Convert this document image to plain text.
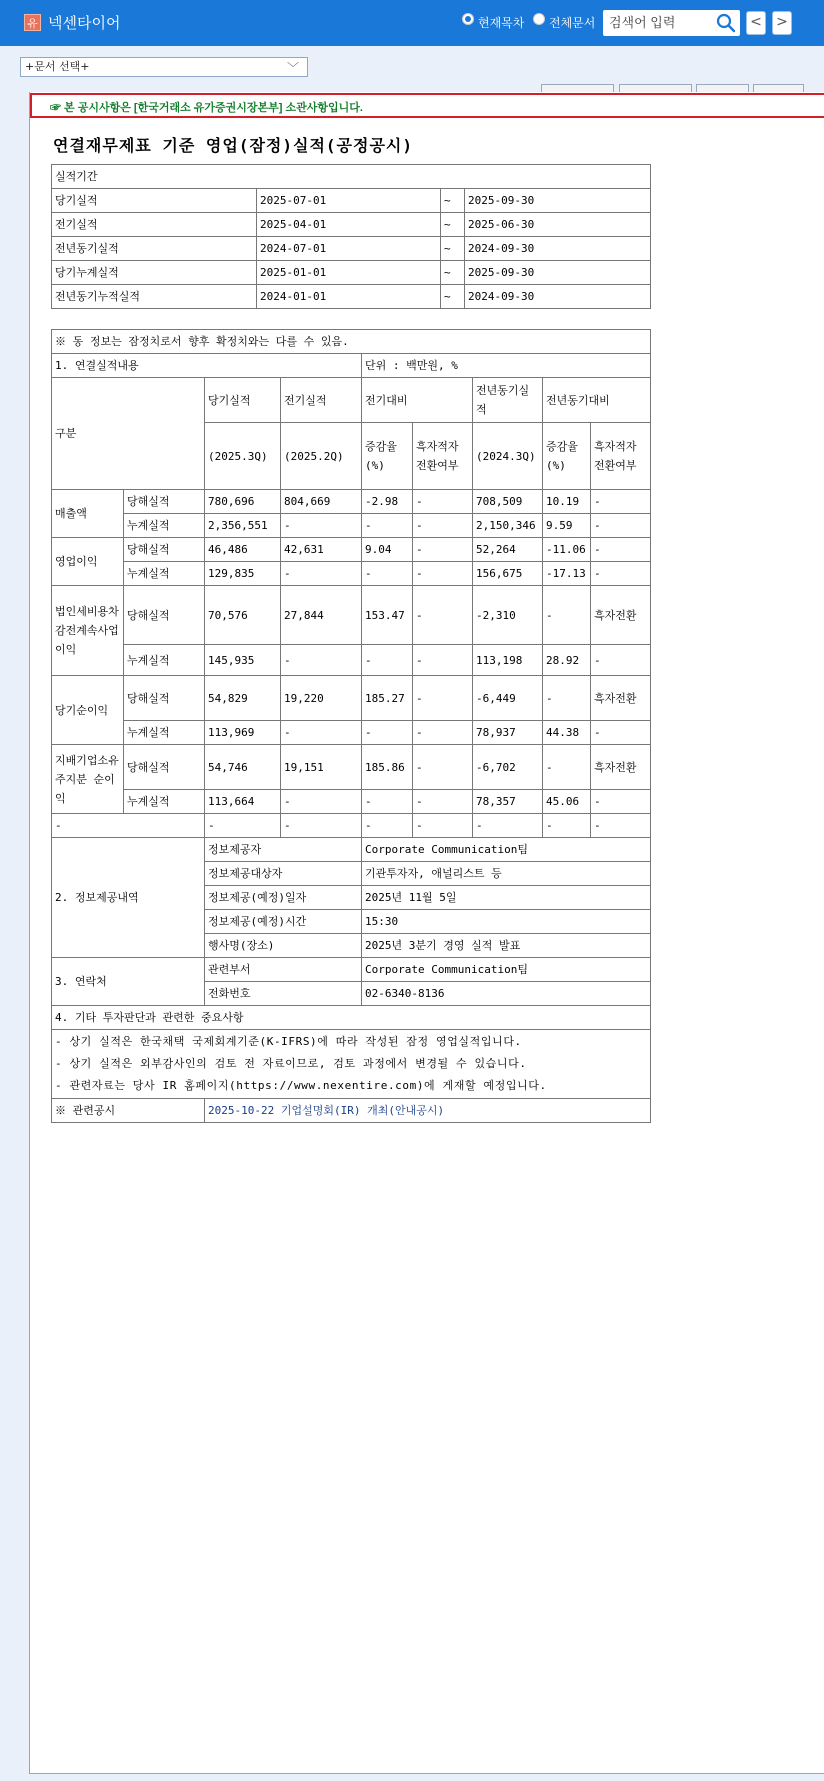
유 넥센타이어	현재목차 전체문서
검색어 입력	< >
+문서 선택+	﹀
☞ 본 공시사항은 [한국거래소 유가증권시장본부] 소관사항입니다.
연결재무제표 기준 영업(잠정)실적(공정공시)
실적기간			
당기실적	2025-07-01	~	2025-09-30
전기실적	2025-04-01	~	2025-06-30
전년동기실적	2024-07-01	~	2024-09-30
당기누계실적	2025-01-01	~	2025-09-30
전년동기누적실적	2024-01-01	~	2024-09-30
※ 동 정보는 잠정치로서 향후 확정치와는 다를 수 있음.								
1. 연결실적내용				단위 : 백만원, %				
구분		당기실적	전기실적	전기대비		전년동기실적	전년동기대비	
		(2025.3Q)	(2025.2Q)	증감율(%)	흑자적자전환여부	(2024.3Q)	증감율(%)	흑자적자전환여부
매출액	당해실적	780,696	804,669	-2.98	-	708,509	10.19	-
	누계실적	2,356,551	-	-	-	2,150,346	9.59	-
영업이익	당해실적	46,486	42,631	9.04	-	52,264	-11.06	-
	누계실적	129,835	-	-	-	156,675	-17.13	-
법인세비용차감전계속사업이익	당해실적	70,576	27,844	153.47	-	-2,310	-	흑자전환
	누계실적	145,935	-	-	-	113,198	28.92	-
당기순이익	당해실적	54,829	19,220	185.27	-	-6,449	-	흑자전환
	누계실적	113,969	-	-	-	78,937	44.38	-
지배기업소유주지분 순이익	당해실적	54,746	19,151	185.86	-	-6,702	-	흑자전환
	누계실적	113,664	-	-	-	78,357	45.06	-
-		-	-	-	-	-	-	-
2. 정보제공내역		정보제공자		Corporate Communication팀				
		정보제공대상자		기관투자자, 애널리스트 등				
		정보제공(예정)일자		2025년 11월 5일				
		정보제공(예정)시간		15:30				
		행사명(장소)		2025년 3분기 경영 실적 발표				
3. 연락처		관련부서		Corporate Communication팀				
		전화번호		02-6340-8136				
4. 기타 투자판단과 관련한 중요사항								

- 상기 실적은 한국채택 국제회계기준(K-IFRS)에 따라 작성된 잠정 영업실적입니다.
- 상기 실적은 외부감사인의 검토 전 자료이므로, 검토 과정에서 변경될 수 있습니다.
- 관련자료는 당사 IR 홈페이지(https://www.nexentire.com)에 게재할 예정입니다.								

※ 관련공시		2025-10-22 기업설명회(IR) 개최(안내공시)						
